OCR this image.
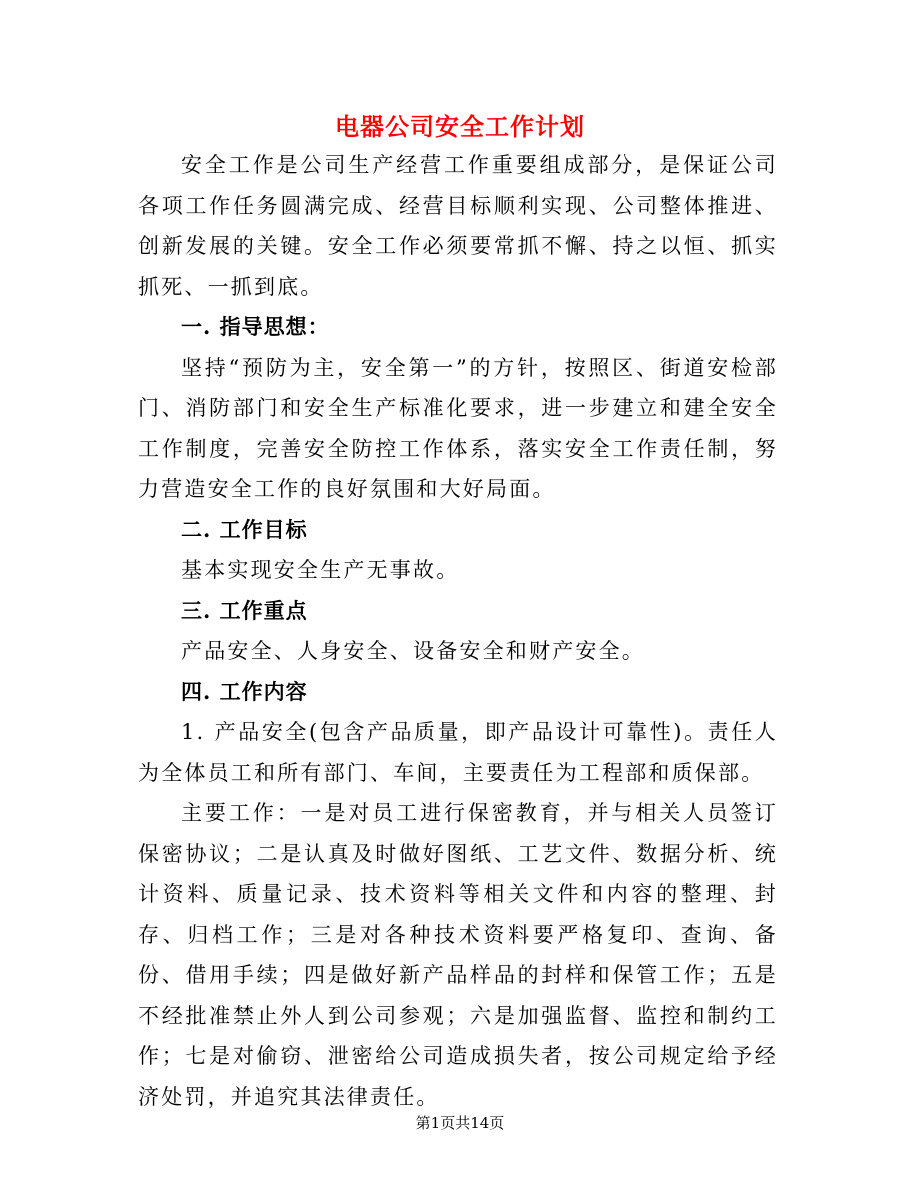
电器公司安全工作计划

安全工作是公司生产经营工作重要组成部分，是保证公司各项工作任务圆满完成、经营目标顺利实现、公司整体推进、创新发展的关键。安全工作必须要常抓不懈、持之以恒、抓实抓死、一抓到底。

一. 指导思想：

坚持“预防为主，安全第一”的方针，按照区、街道安检部门、消防部门和安全生产标准化要求，进一步建立和建全安全工作制度，完善安全防控工作体系，落实安全工作责任制，努力营造安全工作的良好氛围和大好局面。

二. 工作目标

基本实现安全生产无事故。

三. 工作重点

产品安全、人身安全、设备安全和财产安全。

四. 工作内容

1. 产品安全(包含产品质量，即产品设计可靠性)。责任人为全体员工和所有部门、车间，主要责任为工程部和质保部。

主要工作：一是对员工进行保密教育，并与相关人员签订保密协议；二是认真及时做好图纸、工艺文件、数据分析、统计资料、质量记录、技术资料等相关文件和内容的整理、封存、归档工作；三是对各种技术资料要严格复印、查询、备份、借用手续；四是做好新产品样品的封样和保管工作；五是不经批准禁止外人到公司参观；六是加强监督、监控和制约工作；七是对偷窃、泄密给公司造成损失者，按公司规定给予经济处罚，并追究其法律责任。

第1页共14页
